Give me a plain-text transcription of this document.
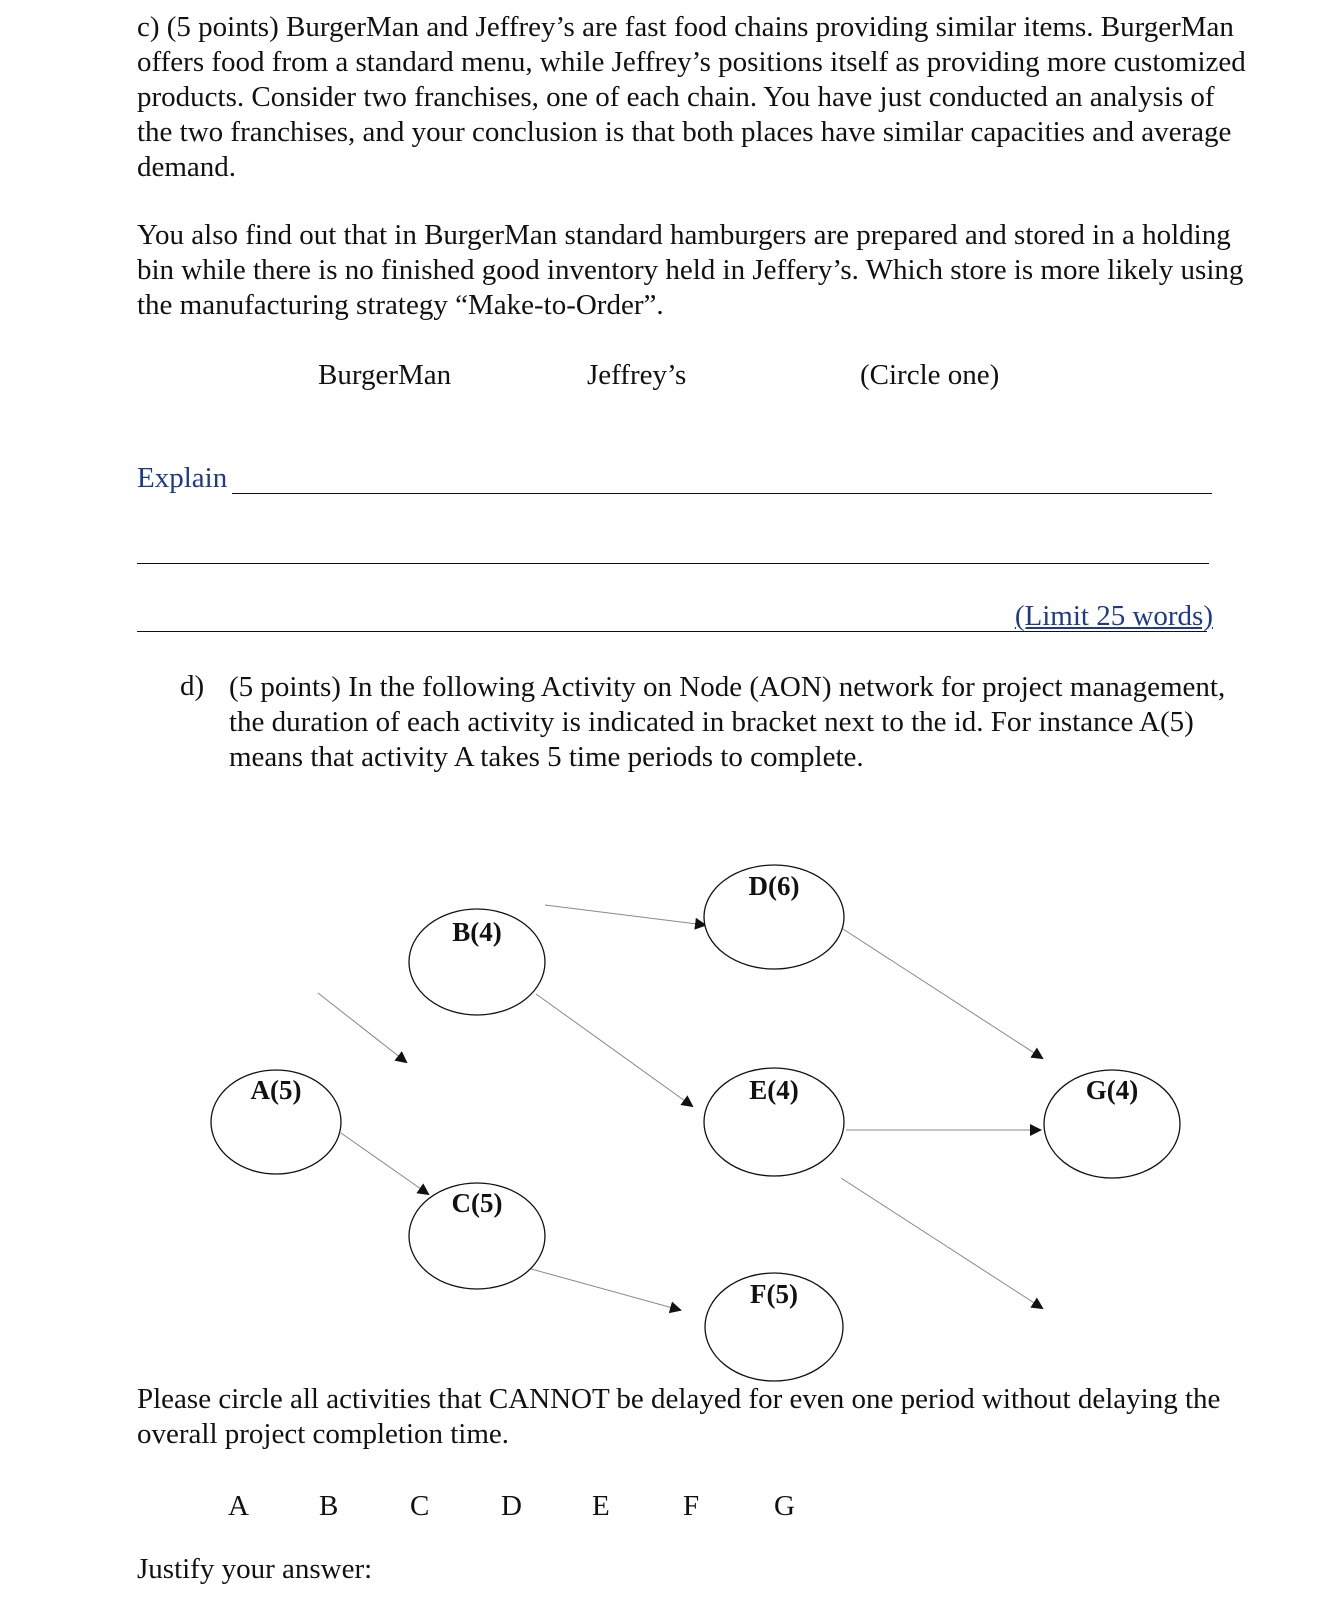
c) (5 points) BurgerMan and Jeffrey’s are fast food chains providing similar items. BurgerMan offers food from a standard menu, while Jeffrey’s positions itself as providing more customized products. Consider two franchises, one of each chain. You have just conducted an analysis of the two franchises, and your conclusion is that both places have similar capacities and average demand.

You also find out that in BurgerMan standard hamburgers are prepared and stored in a holding bin while there is no finished good inventory held in Jeffery’s. Which store is more likely using the manufacturing strategy “Make-to-Order”.

BurgerMan	Jeffrey’s	(Circle one)
Explain
(Limit 25 words)
d) (5 points) In the following Activity on Node (AON) network for project management, the duration of each activity is indicated in bracket next to the id. For instance A(5) means that activity A takes 5 time periods to complete.

A(5)
B(4)
C(5)
D(6)
E(4)
F(5)
G(4)

Please circle all activities that CANNOT be delayed for even one period without delaying the overall project completion time.

A B C D E	F	G
Justify your answer:
